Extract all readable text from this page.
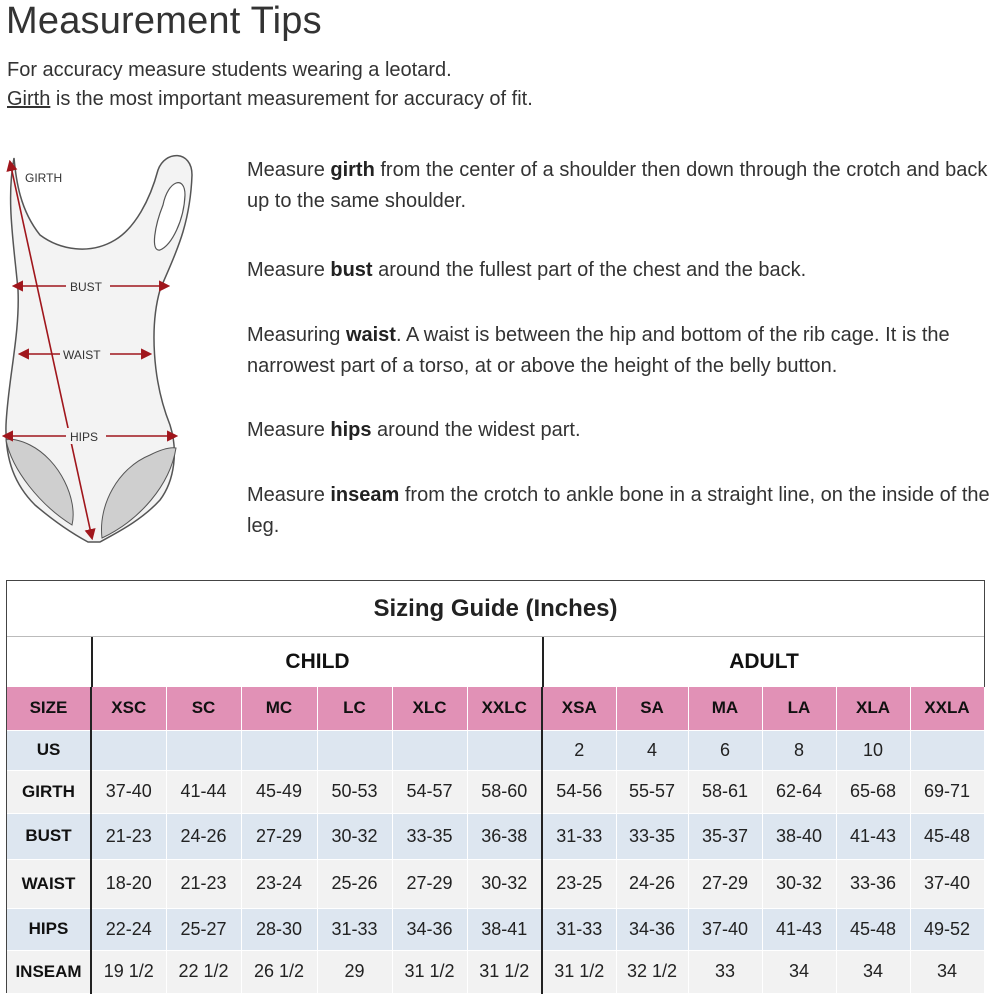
Measurement Tips
For accuracy measure students wearing a leotard.
Girth is the most important measurement for accuracy of fit.
GIRTH
BUST
WAIST
HIPS
Measure girth from the center of a shoulder then down through the crotch and back up to the same shoulder.
Measure bust around the fullest part of the chest and the back.
Measuring waist. A waist is between the hip and bottom of the rib cage. It is the narrowest part of a torso, at or above the height of the belly button.
Measure hips around the widest part.
Measure inseam from the crotch to ankle bone in a straight line, on the inside of the leg.
Sizing Guide (Inches)
CHILD	ADULT
SIZE	XSC	SC	MC	LC	XLC	XXLC	XSA	SA	MA	LA	XLA	XXLA
US							2	4	6	8	10	
GIRTH	37-40	41-44	45-49	50-53	54-57	58-60	54-56	55-57	58-61	62-64	65-68	69-71
BUST	21-23	24-26	27-29	30-32	33-35	36-38	31-33	33-35	35-37	38-40	41-43	45-48
WAIST	18-20	21-23	23-24	25-26	27-29	30-32	23-25	24-26	27-29	30-32	33-36	37-40
HIPS	22-24	25-27	28-30	31-33	34-36	38-41	31-33	34-36	37-40	41-43	45-48	49-52
INSEAM	19 1/2	22 1/2	26 1/2	29	31 1/2	31 1/2	31 1/2	32 1/2	33	34	34	34
